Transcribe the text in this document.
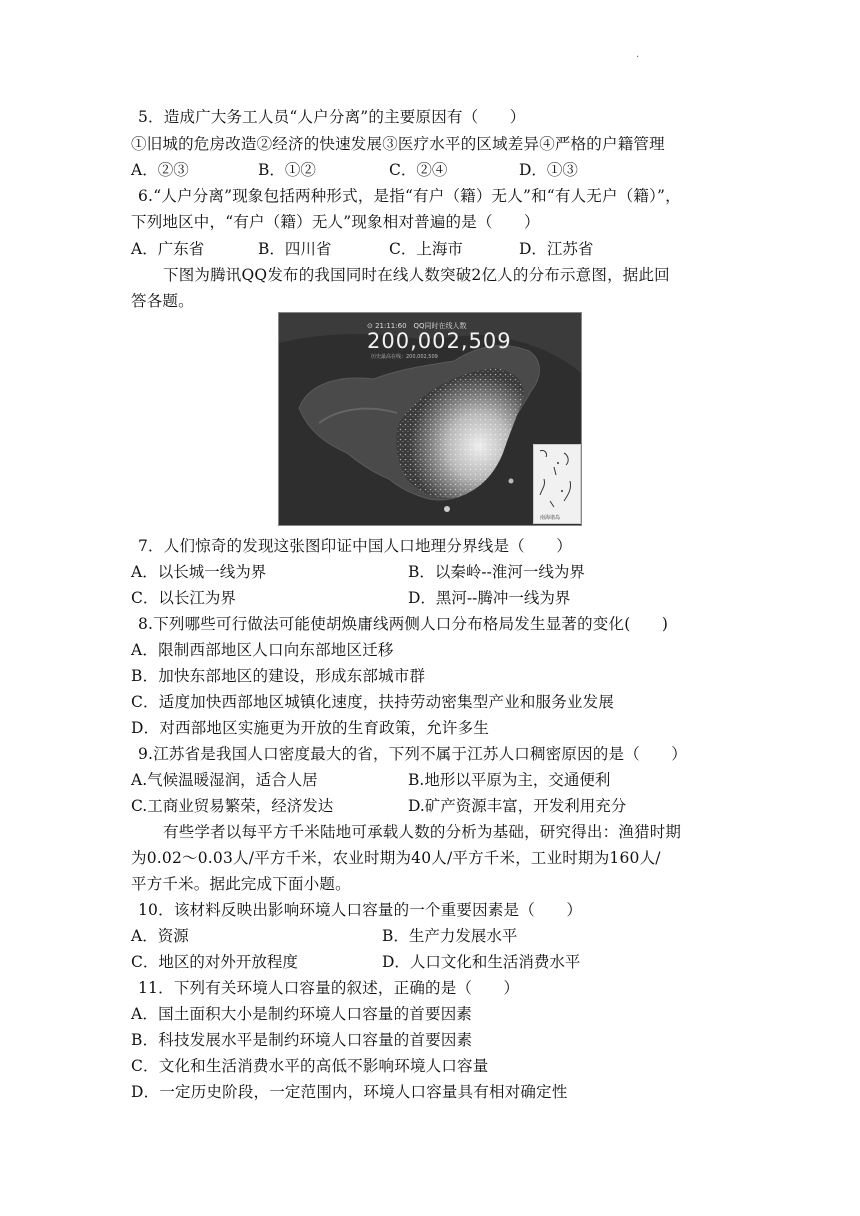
·
5．造成广大务工人员“人户分离”的主要原因有（　　）
①旧城的危房改造②经济的快速发展③医疗水平的区域差异④严格的户籍管理
A．②③	B．①②	C．②④	D．①③
6.“人户分离”现象包括两种形式，是指“有户（籍）无人”和“有人无户（籍）”，
下列地区中，“有户（籍）无人”现象相对普遍的是（　　）
A．广东省	B．四川省	C．上海市	D．江苏省
下图为腾讯QQ发布的我国同时在线人数突破2亿人的分布示意图，据此回
答各题。
⊙ 21:11:60　QQ同时在线人数
200,002,509
历史最高在线：200,002,509
南海诸岛
7．人们惊奇的发现这张图印证中国人口地理分界线是（　　）
A．以长城一线为界	B．以秦岭--淮河一线为界
C．以长江为界	D．黑河--腾冲一线为界
8.下列哪些可行做法可能使胡焕庸线两侧人口分布格局发生显著的变化(　　)
A．限制西部地区人口向东部地区迁移
B．加快东部地区的建设，形成东部城市群
C．适度加快西部地区城镇化速度，扶持劳动密集型产业和服务业发展
D．对西部地区实施更为开放的生育政策，允许多生
9.江苏省是我国人口密度最大的省，下列不属于江苏人口稠密原因的是（　　）
A.气候温暖湿润，适合人居	B.地形以平原为主，交通便利
C.工商业贸易繁荣，经济发达	D.矿产资源丰富，开发利用充分
有些学者以每平方千米陆地可承载人数的分析为基础，研究得出：渔猎时期
为0.02～0.03人/平方千米，农业时期为40人/平方千米，工业时期为160人/
平方千米。据此完成下面小题。
10．该材料反映出影响环境人口容量的一个重要因素是（　　）
A．资源	B．生产力发展水平
C．地区的对外开放程度	D．人口文化和生活消费水平
11．下列有关环境人口容量的叙述，正确的是（　　）
A．国土面积大小是制约环境人口容量的首要因素
B．科技发展水平是制约环境人口容量的首要因素
C．文化和生活消费水平的高低不影响环境人口容量
D．一定历史阶段，一定范围内，环境人口容量具有相对确定性
